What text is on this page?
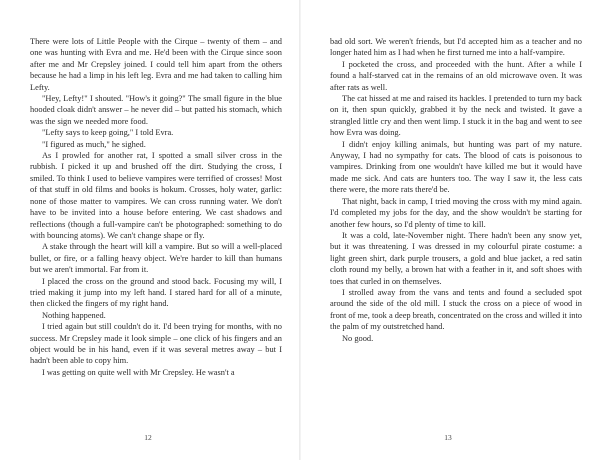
There were lots of Little People with the Cirque – twenty of them – and one was hunting with Evra and me. He'd been with the Cirque since soon after me and Mr Crepsley joined. I could tell him apart from the others because he had a limp in his left leg. Evra and me had taken to calling him Lefty.

"Hey, Lefty!" I shouted. "How's it going?" The small figure in the blue hooded cloak didn't answer – he never did – but patted his stomach, which was the sign we needed more food.

"Lefty says to keep going," I told Evra.

"I figured as much," he sighed.

As I prowled for another rat, I spotted a small silver cross in the rubbish. I picked it up and brushed off the dirt. Studying the cross, I smiled. To think I used to believe vampires were terrified of crosses! Most of that stuff in old films and books is hokum. Crosses, holy water, garlic: none of those matter to vampires. We can cross running water. We don't have to be invited into a house before entering. We cast shadows and reflections (though a full-vampire can't be photographed: something to do with bouncing atoms). We can't change shape or fly.

A stake through the heart will kill a vampire. But so will a well-placed bullet, or fire, or a falling heavy object. We're harder to kill than humans but we aren't immortal. Far from it.

I placed the cross on the ground and stood back. Focusing my will, I tried making it jump into my left hand. I stared hard for all of a minute, then clicked the fingers of my right hand.

Nothing happened.

I tried again but still couldn't do it. I'd been trying for months, with no success. Mr Crepsley made it look simple – one click of his fingers and an object would be in his hand, even if it was several metres away – but I hadn't been able to copy him.

I was getting on quite well with Mr Crepsley. He wasn't a

12

bad old sort. We weren't friends, but I'd accepted him as a teacher and no longer hated him as I had when he first turned me into a half-vampire.

I pocketed the cross, and proceeded with the hunt. After a while I found a half-starved cat in the remains of an old microwave oven. It was after rats as well.

The cat hissed at me and raised its hackles. I pretended to turn my back on it, then spun quickly, grabbed it by the neck and twisted. It gave a strangled little cry and then went limp. I stuck it in the bag and went to see how Evra was doing.

I didn't enjoy killing animals, but hunting was part of my nature. Anyway, I had no sympathy for cats. The blood of cats is poisonous to vampires. Drinking from one wouldn't have killed me but it would have made me sick. And cats are hunters too. The way I saw it, the less cats there were, the more rats there'd be.

That night, back in camp, I tried moving the cross with my mind again. I'd completed my jobs for the day, and the show wouldn't be starting for another few hours, so I'd plenty of time to kill.

It was a cold, late-November night. There hadn't been any snow yet, but it was threatening. I was dressed in my colourful pirate costume: a light green shirt, dark purple trousers, a gold and blue jacket, a red satin cloth round my belly, a brown hat with a feather in it, and soft shoes with toes that curled in on themselves.

I strolled away from the vans and tents and found a secluded spot around the side of the old mill. I stuck the cross on a piece of wood in front of me, took a deep breath, concentrated on the cross and willed it into the palm of my outstretched hand.

No good.

13
